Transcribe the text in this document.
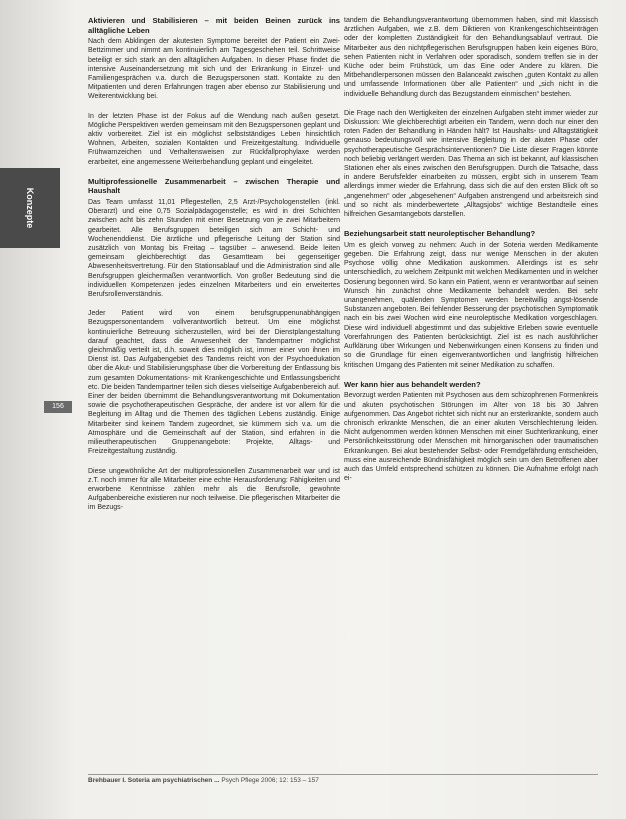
Konzepte
156
Aktivieren und Stabilisieren – mit beiden Beinen zurück ins alltägliche Leben

Nach dem Abklingen der akutesten Symptome bereitet der Patient ein Zwei-Bettzimmer und nimmt am kontinuierlich am Tagesgeschehen teil. Schrittweise beteiligt er sich stark an den alltäglichen Aufgaben. In dieser Phase findet die intensive Auseinandersetzung mit sich und der Erkrankung in Einzel- und Familiengesprächen v.a. durch die Bezugspersonen statt. Kontakte zu den Mitpatienten und deren Erfahrungen tragen aber ebenso zur Stabilisierung und Weiterentwicklung bei.

In der letzten Phase ist der Fokus auf die Wendung nach außen gesetzt. Mögliche Perspektiven werden gemeinsam mit den Bezugspersonen geplant und aktiv vorbereitet. Ziel ist ein möglichst selbstständiges Leben hinsichtlich Wohnen, Arbeiten, sozialen Kontakten und Freizeitgestaltung. Individuelle Frühwarnzeichen und Verhaltensweisen zur Rückfallprophylaxe werden erarbeitet, eine angemessene Weiterbehandlung geplant und eingeleitet.

Multiprofessionelle Zusammenarbeit – zwischen Therapie und Haushalt

Das Team umfasst 11,01 Pflegestellen, 2,5 Arzt-/Psychologenstellen (inkl. Oberarzt) und eine 0,75 Sozialpädagogenstelle; es wird in drei Schichten zwischen acht bis zehn Stunden mit einer Besetzung von je zwei Mitarbeitern gearbeitet. Alle Berufsgruppen beteiligen sich am Schicht- und Wochenenddienst. Die ärztliche und pflegerische Leitung der Station sind zusätzlich von Montag bis Freitag – tagsüber – anwesend. Beide leiten gemeinsam gleichberechtigt das Gesamtteam bei gegenseitiger Abwesenheitsvertretung. Für den Stationsablauf und die Administration sind alle Berufsgruppen gleichermaßen verantwortlich. Von großer Bedeutung sind die individuellen Kompetenzen jedes einzelnen Mitarbeiters und ein erweitertes Berufsrollenverständnis.

Jeder Patient wird von einem berufsgruppenunabhängigen Bezugspersonentandem vollverantwortlich betreut. Um eine möglichst kontinuierliche Betreuung sicherzustellen, wird bei der Dienstplangestaltung darauf geachtet, dass die Anwesenheit der Tandempartner möglichst gleichmäßig verteilt ist, d.h. soweit dies möglich ist, immer einer von ihnen im Dienst ist. Das Aufgabengebiet des Tandems reicht von der Psychoedukation über die Akut- und Stabilisierungsphase über die Vorbereitung der Entlassung bis zum gesamten Dokumentations- mit Krankengeschichte und Entlassungsbericht etc. Die beiden Tandempartner teilen sich dieses vielseitige Aufgabenbereich auf. Einer der beiden übernimmt die Behandlungsverantwortung mit Dokumentation sowie die psychotherapeutischen Gespräche, der andere ist vor allem für die Begleitung im Alltag und die Themen des täglichen Lebens zuständig. Einige Mitarbeiter sind keinem Tandem zugeordnet, sie kümmern sich v.a. um die Atmosphäre und die Gemeinschaft auf der Station, sind erfahren in die milieutherapeutischen Gruppenangebote: Projekte, Alltags- und Freizeitgestaltung zuständig.

Diese ungewöhnliche Art der multiprofessionellen Zusammenarbeit war und ist z.T. noch immer für alle Mitarbeiter eine echte Herausforderung: Fähigkeiten und erworbene Kenntnisse zählen mehr als die Berufsrolle, gewohnte Aufgabenbereiche existieren nur noch teilweise. Die pflegerischen Mitarbeiter die im Bezugs-

tandem die Behandlungsverantwortung übernommen haben, sind mit klassisch ärztlichen Aufgaben, wie z.B. dem Diktieren von Krankengeschichtseinträgen oder der kompletten Zuständigkeit für den Behandlungsablauf vertraut. Die Mitarbeiter aus den nichtpflegerischen Berufsgruppen haben kein eigenes Büro, sehen Patienten nicht in Verfahren oder sporadisch, sondern treffen sie in der Küche oder beim Frühstück, um das Eine oder Andere zu klären. Die Mitbehandlerpersonen müssen den Balanceakt zwischen „guten Kontakt zu allen und umfassende Informationen über alle Patienten“ und „sich nicht in die individuelle Behandlung durch das Bezugstandem einmischen“ bestehen.

Die Frage nach den Wertigkeiten der einzelnen Aufgaben steht immer wieder zur Diskussion: Wie gleichberechtigt arbeiten ein Tandem, wenn doch nur einer den roten Faden der Behandlung in Händen hält? Ist Haushalts- und Alltagstätigkeit genauso bedeutungsvoll wie intensive Begleitung in der akuten Phase oder psychotherapeutische Gesprächsinterventionen? Die Liste dieser Fragen könnte noch beliebig verlängert werden. Das Thema an sich ist bekannt, auf klassischen Stationen eher als eines zwischen den Berufsgruppen. Durch die Tatsache, dass in andere Berufsfelder einarbeiten zu müssen, ergibt sich in unserem Team allerdings immer wieder die Erfahrung, dass sich die auf den ersten Blick oft so „angenehmen“ oder „abgesehenen“ Aufgaben anstrengend und arbeitsreich sind und so nicht als minderbewertete „Alltagsjobs“ wichtige Bestandteile eines hilfreichen Gesamtangebots darstellen.

Beziehungsarbeit statt neuroleptischer Behandlung?

Um es gleich vorweg zu nehmen: Auch in der Soteria werden Medikamente gegeben. Die Erfahrung zeigt, dass nur wenige Menschen in der akuten Psychose völlig ohne Medikation auskommen. Allerdings ist es sehr unterschiedlich, zu welchem Zeitpunkt mit welchen Medikamenten und in welcher Dosierung begonnen wird. So kann ein Patient, wenn er verantwortbar auf seinen Wunsch hin zunächst ohne Medikamente behandelt werden. Bei sehr unangenehmen, quälenden Symptomen werden bereitwillig angst-lösende Substanzen angeboten. Bei fehlender Besserung der psychotischen Symptomatik nach ein bis zwei Wochen wird eine neuroleptische Medikation vorgeschlagen. Diese wird individuell abgestimmt und das subjektive Erleben sowie eventuelle Vorerfahrungen des Patienten berücksichtigt. Ziel ist es nach ausführlicher Aufklärung über Wirkungen und Nebenwirkungen einen Konsens zu finden und so die Grundlage für einen eigenverantwortlichen und langfristig hilfreichen kritischen Umgang des Patienten mit seiner Medikation zu schaffen.

Wer kann hier aus behandelt werden?

Bevorzugt werden Patienten mit Psychosen aus dem schizophrenen Formenkreis und akuten psychotischen Störungen im Alter von 18 bis 30 Jahren aufgenommen. Das Angebot richtet sich nicht nur an ersterkrankte, sondern auch chronisch erkrankte Menschen, die an einer akuten Verschlechterung leiden. Nicht aufgenommen werden können Menschen mit einer Suchterkrankung, einer Persönlichkeitsstörung oder Menschen mit hirnorganischen oder traumatischen Erkrankungen. Bei akut bestehender Selbst- oder Fremdgefährdung entscheiden, muss eine ausreichende Bündnisfähigkeit möglich sein um den Betroffenen aber auch das Umfeld entsprechend schützen zu können. Die Aufnahme erfolgt nach ei-

Brehbauer I. Soteria am psychiatrischen ... Psych Pflege 2006; 12: 153 – 157
